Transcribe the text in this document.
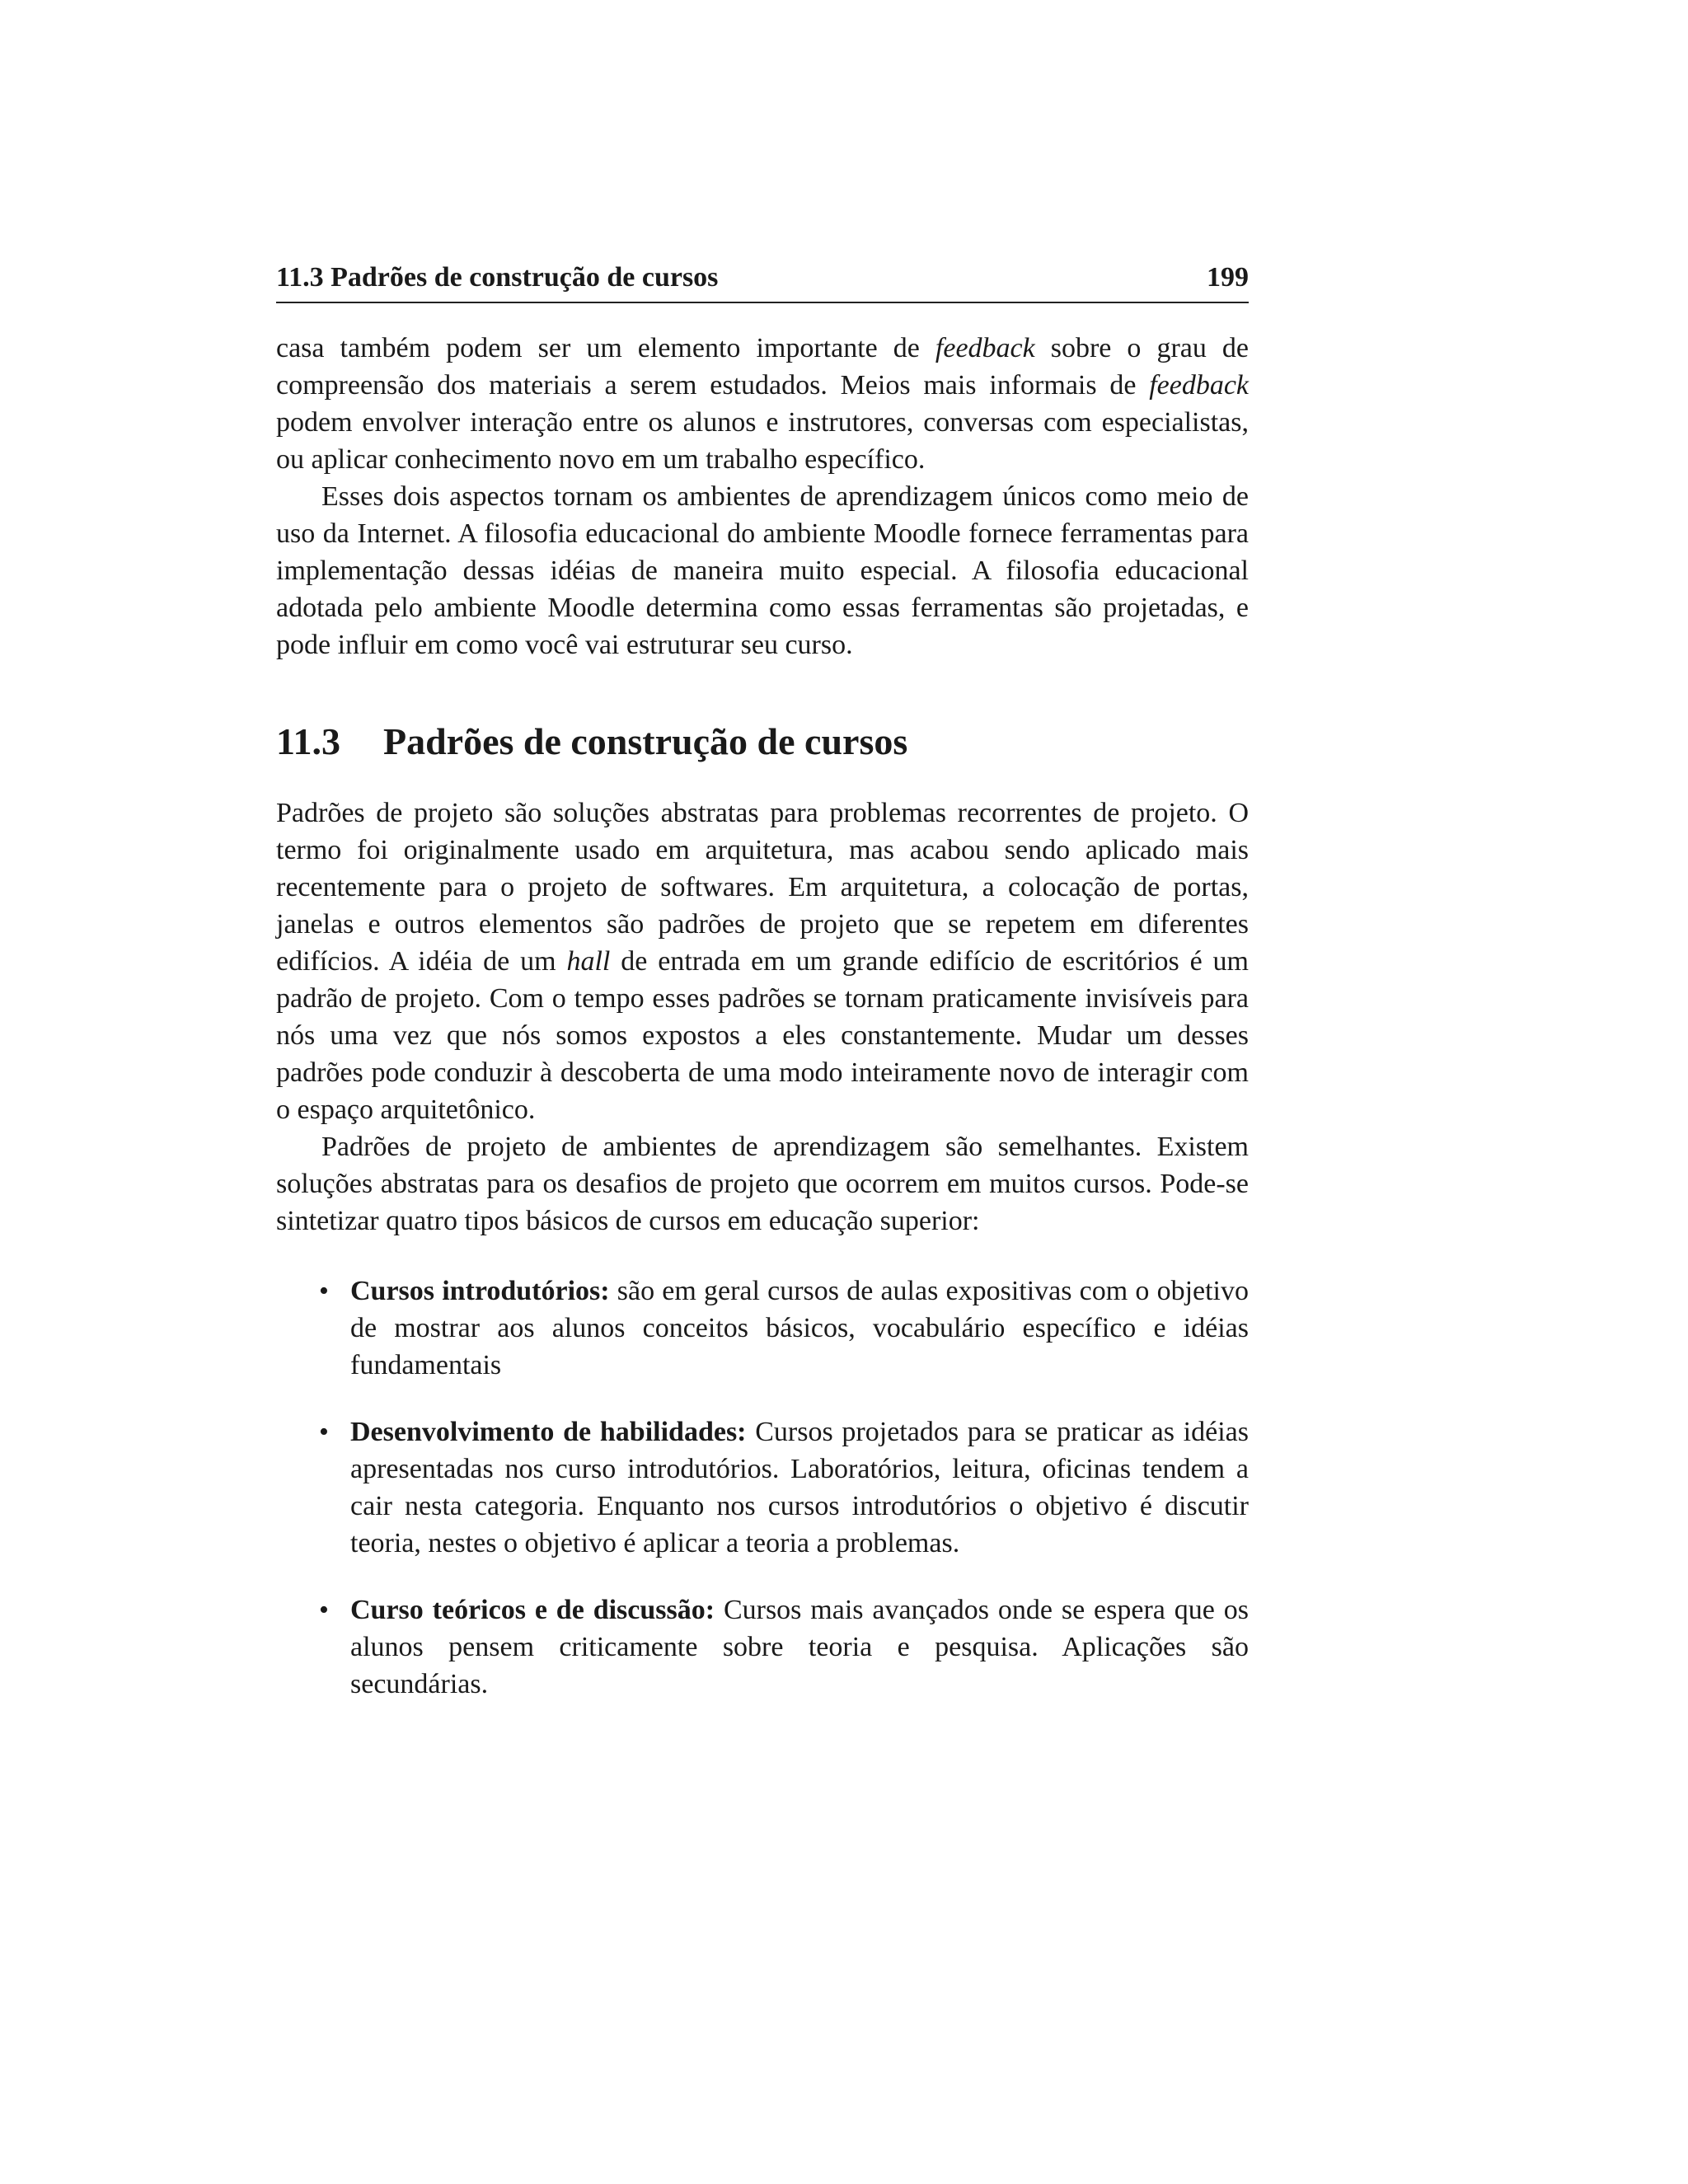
11.3 Padrões de construção de cursos	199

casa também podem ser um elemento importante de feedback sobre o grau de compreensão dos materiais a serem estudados. Meios mais informais de feedback podem envolver interação entre os alunos e instrutores, conversas com especialistas, ou aplicar conhecimento novo em um trabalho específico.

Esses dois aspectos tornam os ambientes de aprendizagem únicos como meio de uso da Internet. A filosofia educacional do ambiente Moodle fornece ferramentas para implementação dessas idéias de maneira muito especial. A filosofia educacional adotada pelo ambiente Moodle determina como essas ferramentas são projetadas, e pode influir em como você vai estruturar seu curso.

11.3 Padrões de construção de cursos

Padrões de projeto são soluções abstratas para problemas recorrentes de projeto. O termo foi originalmente usado em arquitetura, mas acabou sendo aplicado mais recentemente para o projeto de softwares. Em arquitetura, a colocação de portas, janelas e outros elementos são padrões de projeto que se repetem em diferentes edifícios. A idéia de um hall de entrada em um grande edifício de escritórios é um padrão de projeto. Com o tempo esses padrões se tornam praticamente invisíveis para nós uma vez que nós somos expostos a eles constantemente. Mudar um desses padrões pode conduzir à descoberta de uma modo inteiramente novo de interagir com o espaço arquitetônico.

Padrões de projeto de ambientes de aprendizagem são semelhantes. Existem soluções abstratas para os desafios de projeto que ocorrem em muitos cursos. Pode-se sintetizar quatro tipos básicos de cursos em educação superior:

• Cursos introdutórios: são em geral cursos de aulas expositivas com o objetivo de mostrar aos alunos conceitos básicos, vocabulário específico e idéias fundamentais
• Desenvolvimento de habilidades: Cursos projetados para se praticar as idéias apresentadas nos curso introdutórios. Laboratórios, leitura, oficinas tendem a cair nesta categoria. Enquanto nos cursos introdutórios o objetivo é discutir teoria, nestes o objetivo é aplicar a teoria a problemas.
• Curso teóricos e de discussão: Cursos mais avançados onde se espera que os alunos pensem criticamente sobre teoria e pesquisa. Aplicações são secundárias.
